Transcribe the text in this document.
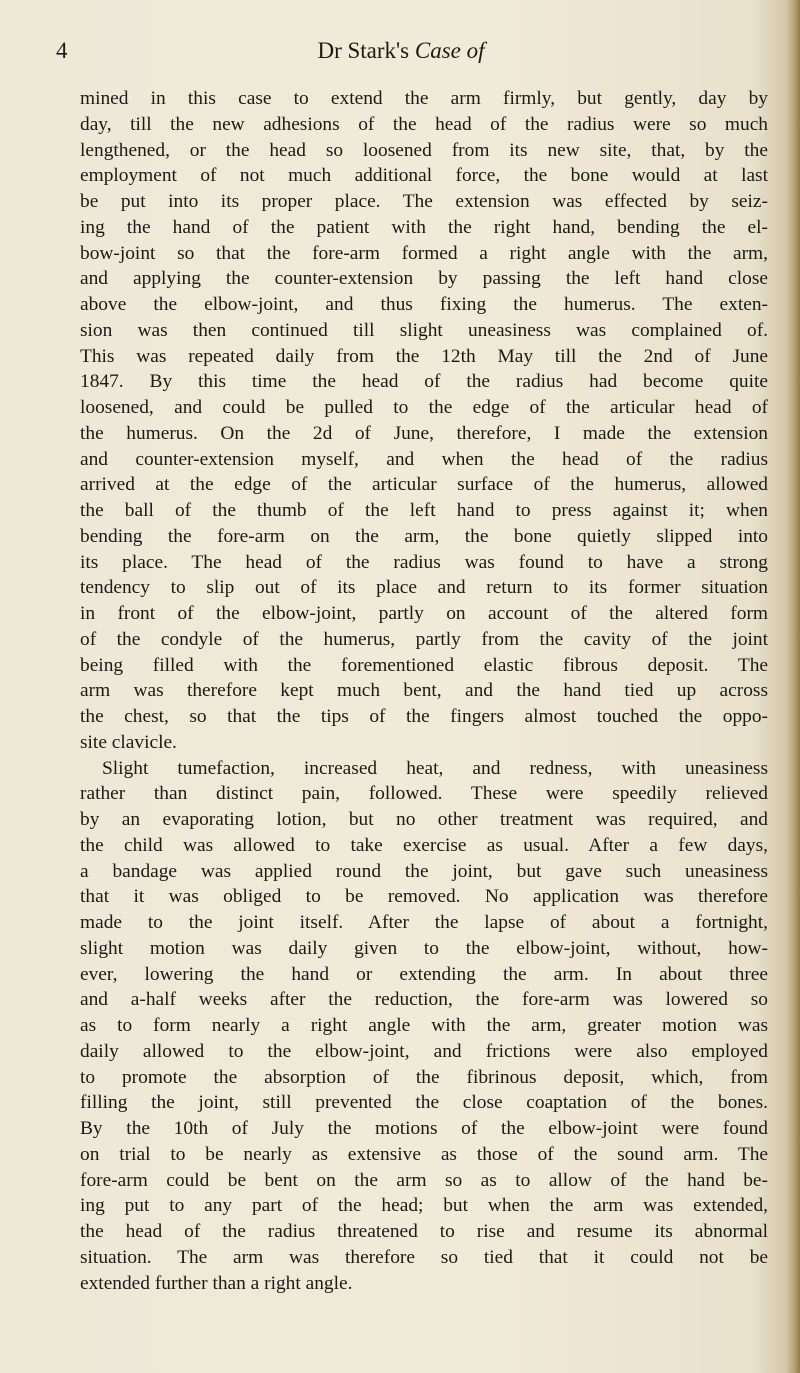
4	Dr Stark's Case of
mined in this case to extend the arm firmly, but gently, day by
day, till the new adhesions of the head of the radius were so much
lengthened, or the head so loosened from its new site, that, by the
employment of not much additional force, the bone would at last
be put into its proper place. The extension was effected by seiz-
ing the hand of the patient with the right hand, bending the el-
bow-joint so that the fore-arm formed a right angle with the arm,
and applying the counter-extension by passing the left hand close
above the elbow-joint, and thus fixing the humerus. The exten-
sion was then continued till slight uneasiness was complained of.
This was repeated daily from the 12th May till the 2nd of June
1847. By this time the head of the radius had become quite
loosened, and could be pulled to the edge of the articular head of
the humerus. On the 2d of June, therefore, I made the extension
and counter-extension myself, and when the head of the radius
arrived at the edge of the articular surface of the humerus, allowed
the ball of the thumb of the left hand to press against it; when
bending the fore-arm on the arm, the bone quietly slipped into
its place. The head of the radius was found to have a strong
tendency to slip out of its place and return to its former situation
in front of the elbow-joint, partly on account of the altered form
of the condyle of the humerus, partly from the cavity of the joint
being filled with the forementioned elastic fibrous deposit. The
arm was therefore kept much bent, and the hand tied up across
the chest, so that the tips of the fingers almost touched the oppo-
site clavicle.
Slight tumefaction, increased heat, and redness, with uneasiness
rather than distinct pain, followed. These were speedily relieved
by an evaporating lotion, but no other treatment was required, and
the child was allowed to take exercise as usual. After a few days,
a bandage was applied round the joint, but gave such uneasiness
that it was obliged to be removed. No application was therefore
made to the joint itself. After the lapse of about a fortnight,
slight motion was daily given to the elbow-joint, without, how-
ever, lowering the hand or extending the arm. In about three
and a-half weeks after the reduction, the fore-arm was lowered so
as to form nearly a right angle with the arm, greater motion was
daily allowed to the elbow-joint, and frictions were also employed
to promote the absorption of the fibrinous deposit, which, from
filling the joint, still prevented the close coaptation of the bones.
By the 10th of July the motions of the elbow-joint were found
on trial to be nearly as extensive as those of the sound arm. The
fore-arm could be bent on the arm so as to allow of the hand be-
ing put to any part of the head; but when the arm was extended,
the head of the radius threatened to rise and resume its abnormal
situation. The arm was therefore so tied that it could not be
extended further than a right angle.
